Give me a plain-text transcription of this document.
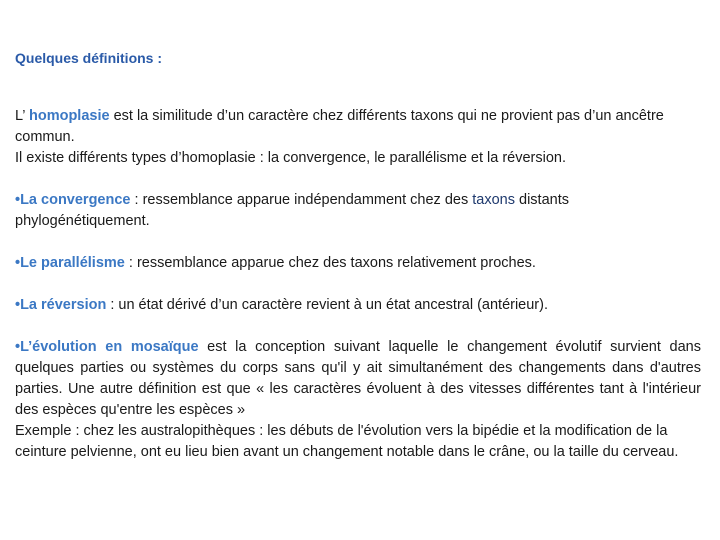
Quelques définitions :

L’ homoplasie est la similitude d’un caractère chez différents taxons qui ne provient pas d’un ancêtre commun.

Il existe différents types d’homoplasie : la convergence, le parallélisme et la réversion.

•La convergence : ressemblance apparue indépendamment chez des taxons distants phylogénétiquement.

•Le parallélisme : ressemblance apparue chez des taxons relativement proches.

•La réversion : un état dérivé d’un caractère revient à un état ancestral (antérieur).

•L’évolution en mosaïque est la conception suivant laquelle le changement évolutif survient dans quelques parties ou systèmes du corps sans qu'il y ait simultanément des changements dans d'autres parties. Une autre définition est que « les caractères évoluent à des vitesses différentes tant à l'intérieur des espèces qu'entre les espèces »

Exemple : chez les australopithèques : les débuts de l'évolution vers la bipédie et la modification de la ceinture pelvienne, ont eu lieu bien avant un changement notable dans le crâne, ou la taille du cerveau.
